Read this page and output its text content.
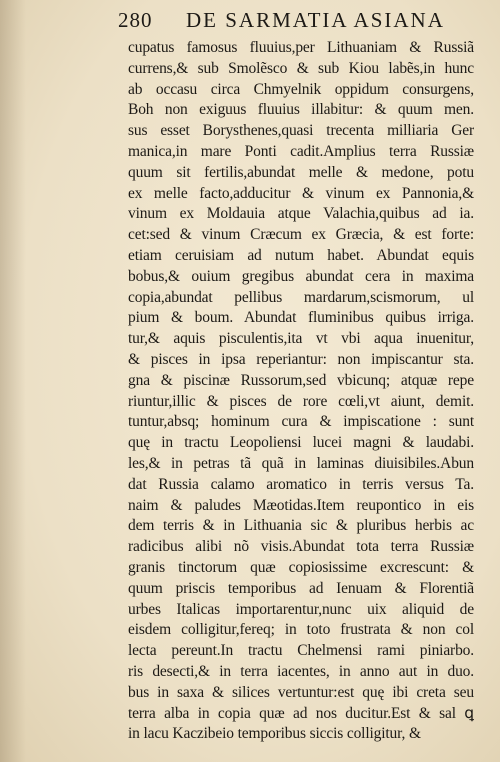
280	DE SARMATIA ASIANA
cupatus famosus fluuius,per Lithuaniam & Russiã
currens,& sub Smolẽsco & sub Kiou labẽs,in hunc
ab occasu circa Chmyelnik oppidum consurgens,
Boh non exiguus fluuius illabitur: & quum men.
sus esset Borysthenes,quasi trecenta milliaria Ger
manica,in mare Ponti cadit.Amplius terra Russiæ
quum sit fertilis,abundat melle & medone, potu
ex melle facto,adducitur & vinum ex Pannonia,&
vinum ex Moldauia atque Valachia,quibus ad ia.
cet:sed & vinum Cræcum ex Græcia, & est forte:
etiam ceruisiam ad nutum habet. Abundat equis
bobus,& ouium gregibus abundat cera in maxima
copia,abundat pellibus mardarum,scismorum, ul
pium & boum. Abundat fluminibus quibus irriga.
tur,& aquis pisculentis,ita vt vbi aqua inuenitur,
& pisces in ipsa reperiantur: non impiscantur sta.
gna & piscinæ Russorum,sed vbicunq; atquæ repe
riuntur,illic & pisces de rore cœli,vt aiunt, demit.
tuntur,absq; hominum cura & impiscatione : sunt
quę in tractu Leopoliensi lucei magni & laudabi.
les,& in petras tã quã in laminas diuisibiles.Abun
dat Russia calamo aromatico in terris versus Ta.
naim & paludes Mæotidas.Item reupontico in eis
dem terris & in Lithuania sic & pluribus herbis ac
radicibus alibi nõ visis.Abundat tota terra Russiæ
granis tinctorum quæ copiosissime excrescunt: &
quum priscis temporibus ad Ienuam & Florentiã
urbes Italicas importarentur,nunc uix aliquid de
eisdem colligitur,fereq; in toto frustrata & non col
lecta pereunt.In tractu Chelmensi rami piniarbo.
ris desecti,& in terra iacentes, in anno aut in duo.
bus in saxa & silices vertuntur:est quę ibi creta seu
terra alba in copia quæ ad nos ducitur.Est & sal ꝗ
in lacu Kaczibeio temporibus siccis colligitur, &
